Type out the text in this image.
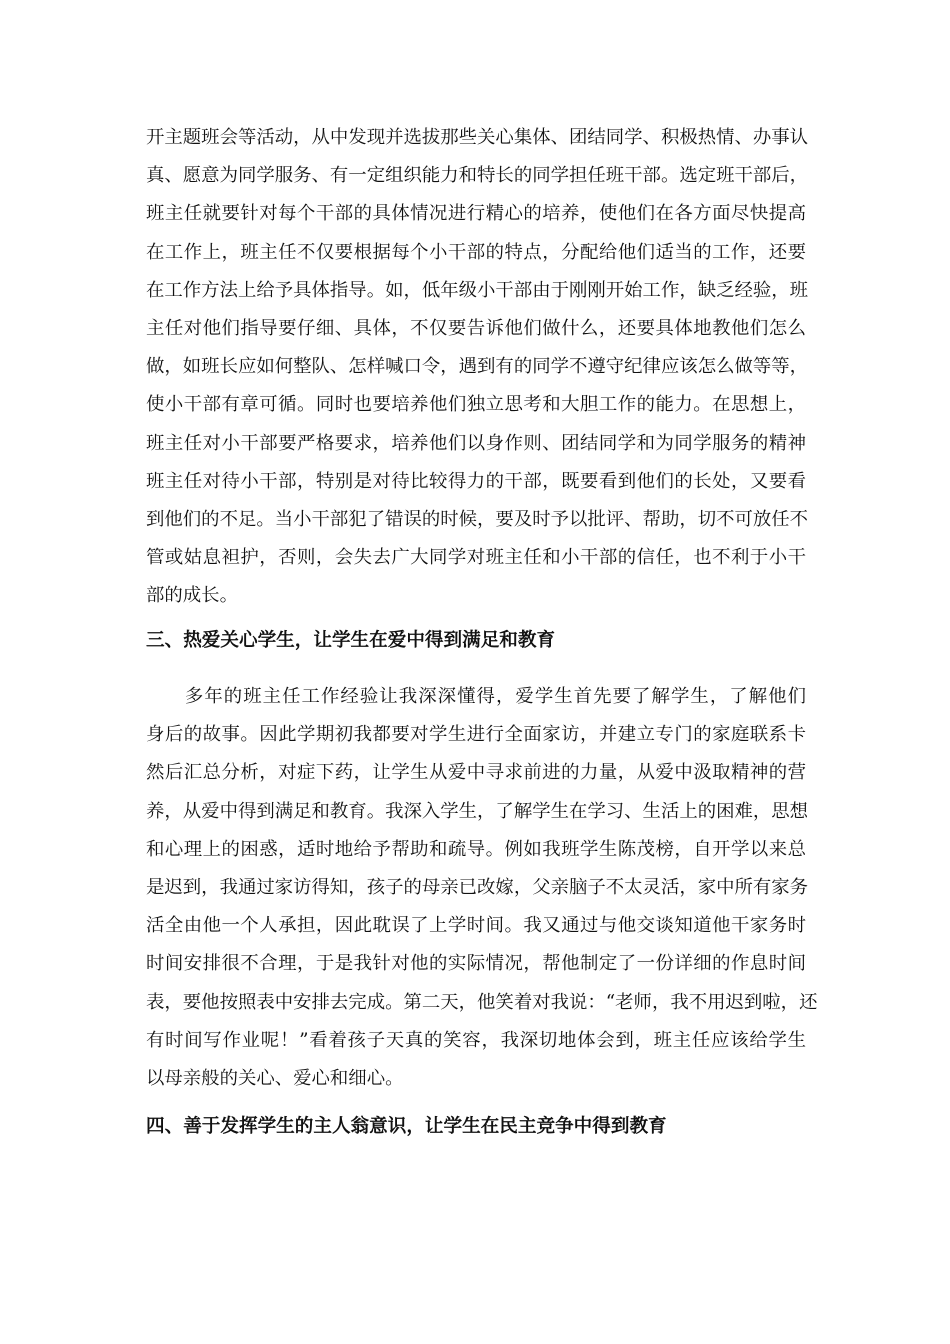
开主题班会等活动，从中发现并选拔那些关心集体、团结同学、积极热情、办事认
真、愿意为同学服务、有一定组织能力和特长的同学担任班干部。选定班干部后，
班主任就要针对每个干部的具体情况进行精心的培养，使他们在各方面尽快提高
在工作上，班主任不仅要根据每个小干部的特点，分配给他们适当的工作，还要
在工作方法上给予具体指导。如，低年级小干部由于刚刚开始工作，缺乏经验，班
主任对他们指导要仔细、具体，不仅要告诉他们做什么，还要具体地教他们怎么
做，如班长应如何整队、怎样喊口令，遇到有的同学不遵守纪律应该怎么做等等，
使小干部有章可循。同时也要培养他们独立思考和大胆工作的能力。在思想上，
班主任对小干部要严格要求，培养他们以身作则、团结同学和为同学服务的精神
班主任对待小干部，特别是对待比较得力的干部，既要看到他们的长处，又要看
到他们的不足。当小干部犯了错误的时候，要及时予以批评、帮助，切不可放任不
管或姑息袒护，否则，会失去广大同学对班主任和小干部的信任，也不利于小干
部的成长。
三、热爱关心学生，让学生在爱中得到满足和教育
　　多年的班主任工作经验让我深深懂得，爱学生首先要了解学生，了解他们
身后的故事。因此学期初我都要对学生进行全面家访，并建立专门的家庭联系卡
然后汇总分析，对症下药，让学生从爱中寻求前进的力量，从爱中汲取精神的营
养，从爱中得到满足和教育。我深入学生，了解学生在学习、生活上的困难，思想
和心理上的困惑，适时地给予帮助和疏导。例如我班学生陈茂榜，自开学以来总
是迟到，我通过家访得知，孩子的母亲已改嫁，父亲脑子不太灵活，家中所有家务
活全由他一个人承担，因此耽误了上学时间。我又通过与他交谈知道他干家务时
时间安排很不合理，于是我针对他的实际情况，帮他制定了一份详细的作息时间
表，要他按照表中安排去完成。第二天，他笑着对我说：“老师，我不用迟到啦，还
有时间写作业呢！”看着孩子天真的笑容，我深切地体会到，班主任应该给学生
以母亲般的关心、爱心和细心。
四、善于发挥学生的主人翁意识，让学生在民主竞争中得到教育
